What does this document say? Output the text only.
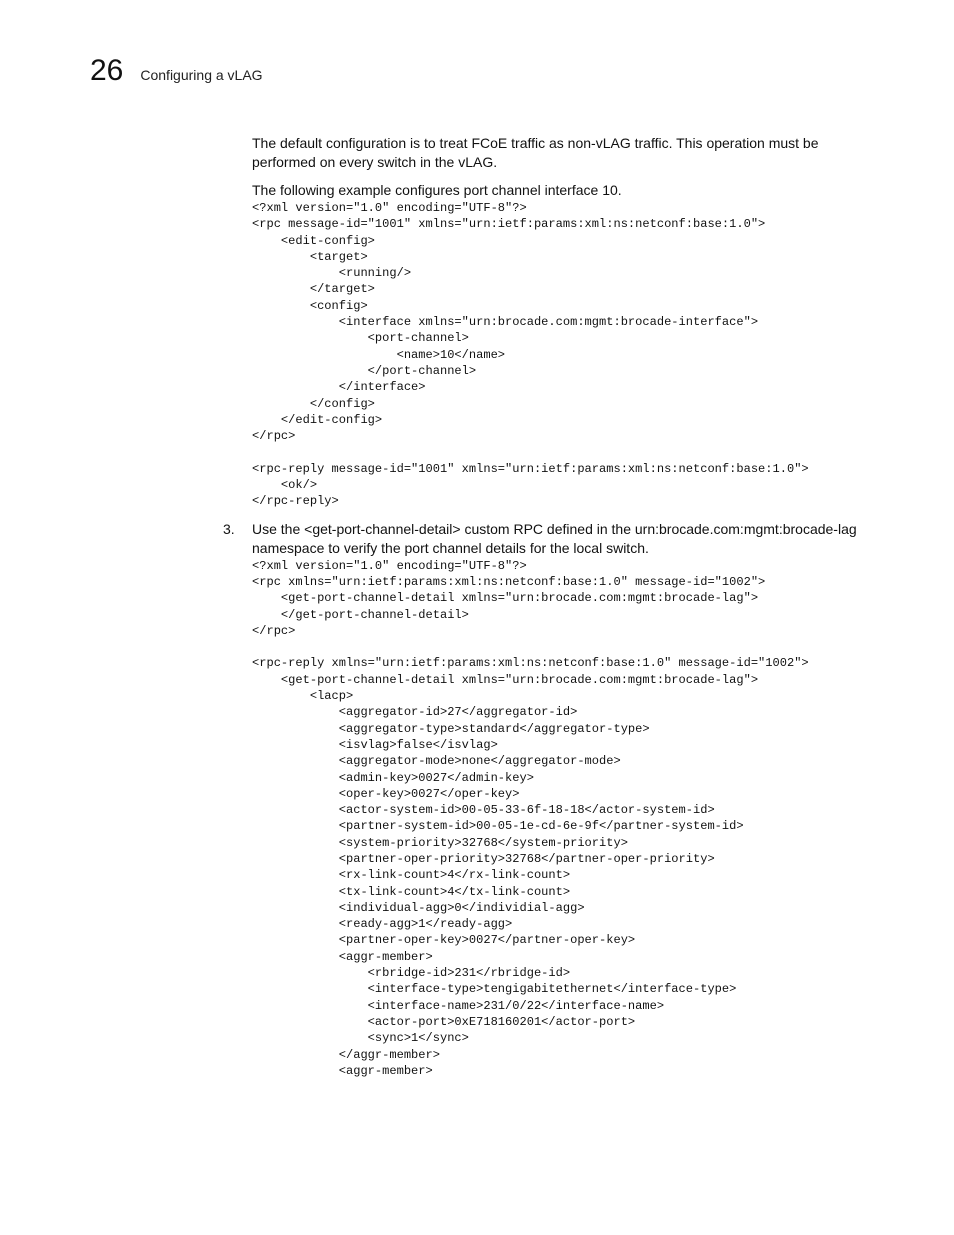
26 Configuring a vLAG

The default configuration is to treat FCoE traffic as non-vLAG traffic. This operation must be performed on every switch in the vLAG.

The following example configures port channel interface 10.

<?xml version="1.0" encoding="UTF-8"?>
<rpc message-id="1001" xmlns="urn:ietf:params:xml:ns:netconf:base:1.0">
<edit-config>
<target>
<running/>
</target>
<config>
<interface xmlns="urn:brocade.com:mgmt:brocade-interface">
<port-channel>
<name>10</name>
</port-channel>
</interface>
</config>
</edit-config>
</rpc>

<rpc-reply message-id="1001" xmlns="urn:ietf:params:xml:ns:netconf:base:1.0">
<ok/>
</rpc-reply>
3. Use the <get-port-channel-detail> custom RPC defined in the urn:brocade.com:mgmt:brocade-lag namespace to verify the port channel details for the local switch.

<?xml version="1.0" encoding="UTF-8"?>
<rpc xmlns="urn:ietf:params:xml:ns:netconf:base:1.0" message-id="1002">
<get-port-channel-detail xmlns="urn:brocade.com:mgmt:brocade-lag">
</get-port-channel-detail>
</rpc>

<rpc-reply xmlns="urn:ietf:params:xml:ns:netconf:base:1.0" message-id="1002">
<get-port-channel-detail xmlns="urn:brocade.com:mgmt:brocade-lag">
<lacp>
<aggregator-id>27</aggregator-id>
<aggregator-type>standard</aggregator-type>
<isvlag>false</isvlag>
<aggregator-mode>none</aggregator-mode>
<admin-key>0027</admin-key>
<oper-key>0027</oper-key>
<actor-system-id>00-05-33-6f-18-18</actor-system-id>
<partner-system-id>00-05-1e-cd-6e-9f</partner-system-id>
<system-priority>32768</system-priority>
<partner-oper-priority>32768</partner-oper-priority>
<rx-link-count>4</rx-link-count>
<tx-link-count>4</tx-link-count>
<individual-agg>0</individial-agg>
<ready-agg>1</ready-agg>
<partner-oper-key>0027</partner-oper-key>
<aggr-member>
<rbridge-id>231</rbridge-id>
<interface-type>tengigabitethernet</interface-type>
<interface-name>231/0/22</interface-name>
<actor-port>0xE718160201</actor-port>
<sync>1</sync>
</aggr-member>
<aggr-member>
